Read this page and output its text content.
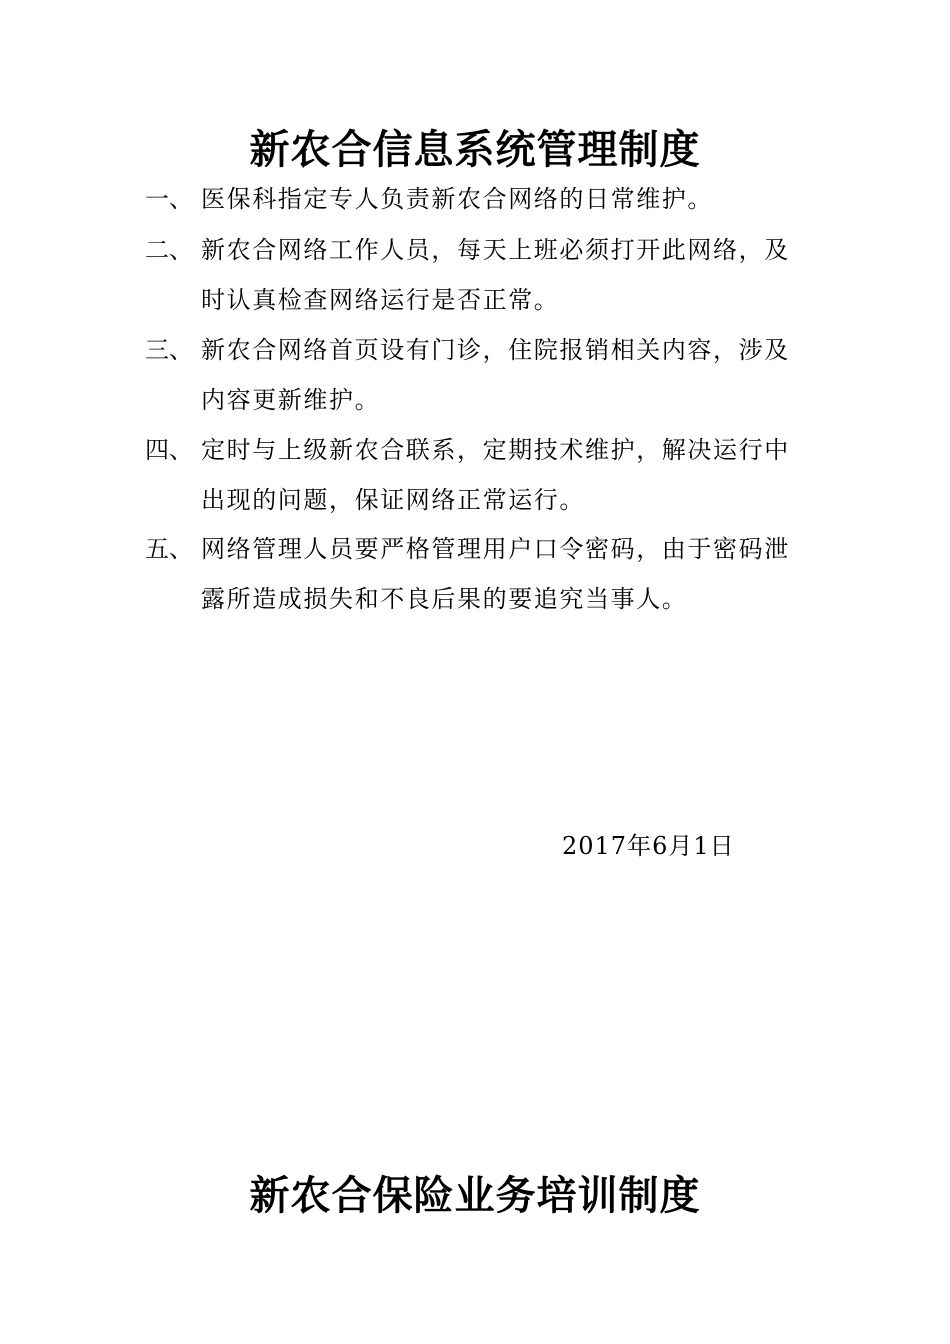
新农合信息系统管理制度
一、 医保科指定专人负责新农合网络的日常维护。
二、 新农合网络工作人员，每天上班必须打开此网络，及时认真检查网络运行是否正常。
三、 新农合网络首页设有门诊，住院报销相关内容，涉及内容更新维护。
四、 定时与上级新农合联系，定期技术维护，解决运行中出现的问题，保证网络正常运行。
五、 网络管理人员要严格管理用户口令密码，由于密码泄露所造成损失和不良后果的要追究当事人。
2017年6月1日
新农合保险业务培训制度
